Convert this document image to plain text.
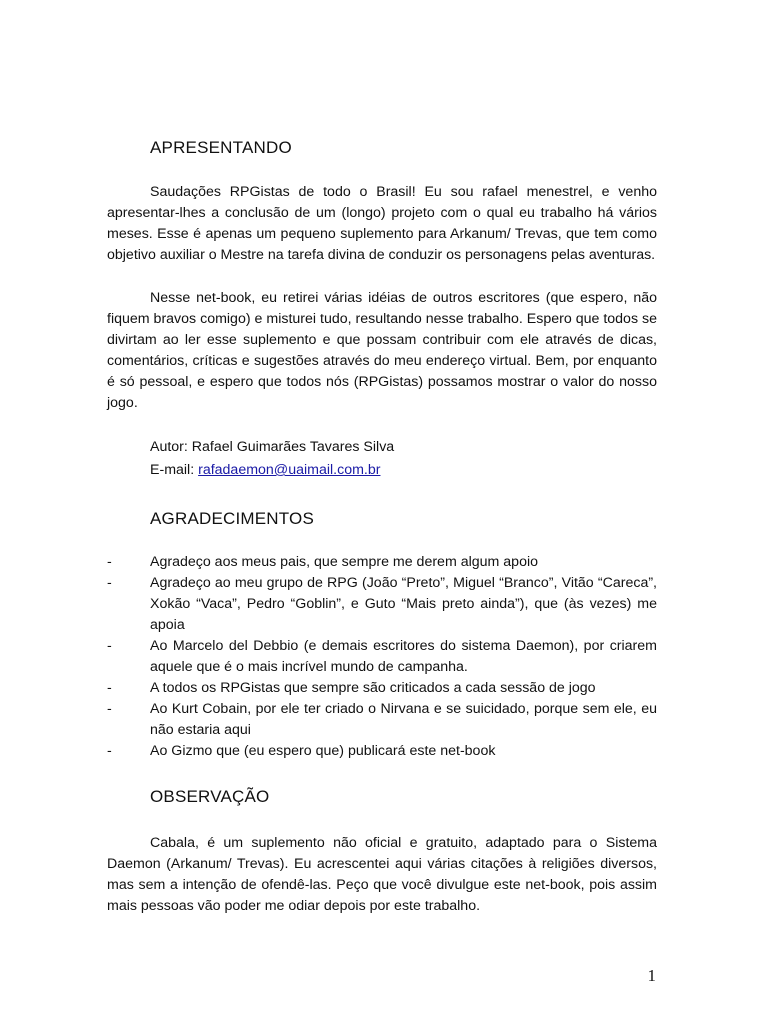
APRESENTANDO

Saudações RPGistas de todo o Brasil! Eu sou rafael menestrel, e venho apresentar-lhes a conclusão de um (longo) projeto com o qual eu trabalho há vários meses. Esse é apenas um pequeno suplemento para Arkanum/ Trevas, que tem como objetivo auxiliar o Mestre na tarefa divina de conduzir os personagens pelas aventuras.

Nesse net-book, eu retirei várias idéias de outros escritores (que espero, não fiquem bravos comigo) e misturei tudo, resultando nesse trabalho. Espero que todos se divirtam ao ler esse suplemento e que possam contribuir com ele através de dicas, comentários, críticas e sugestões através do meu endereço virtual. Bem, por enquanto é só pessoal, e espero que todos nós (RPGistas) possamos mostrar o valor do nosso jogo.

Autor: Rafael Guimarães Tavares Silva
E-mail: rafadaemon@uaimail.com.br
AGRADECIMENTOS
-	Agradeço aos meus pais, que sempre me derem algum apoio
-	Agradeço ao meu grupo de RPG (João “Preto”, Miguel “Branco”, Vitão “Careca”, Xokão “Vaca”, Pedro “Goblin”, e Guto “Mais preto ainda”), que (às vezes) me apoia
-	Ao Marcelo del Debbio (e demais escritores do sistema Daemon), por criarem aquele que é o mais incrível mundo de campanha.
-	A todos os RPGistas que sempre são criticados a cada sessão de jogo
-	Ao Kurt Cobain, por ele ter criado o Nirvana e se suicidado, porque sem ele, eu não estaria aqui
-	Ao Gizmo que (eu espero que) publicará este net-book
OBSERVAÇÃO

Cabala, é um suplemento não oficial e gratuito, adaptado para o Sistema Daemon (Arkanum/ Trevas). Eu acrescentei aqui várias citações à religiões diversos, mas sem a intenção de ofendê-las. Peço que você divulgue este net-book, pois assim mais pessoas vão poder me odiar depois por este trabalho.

1
